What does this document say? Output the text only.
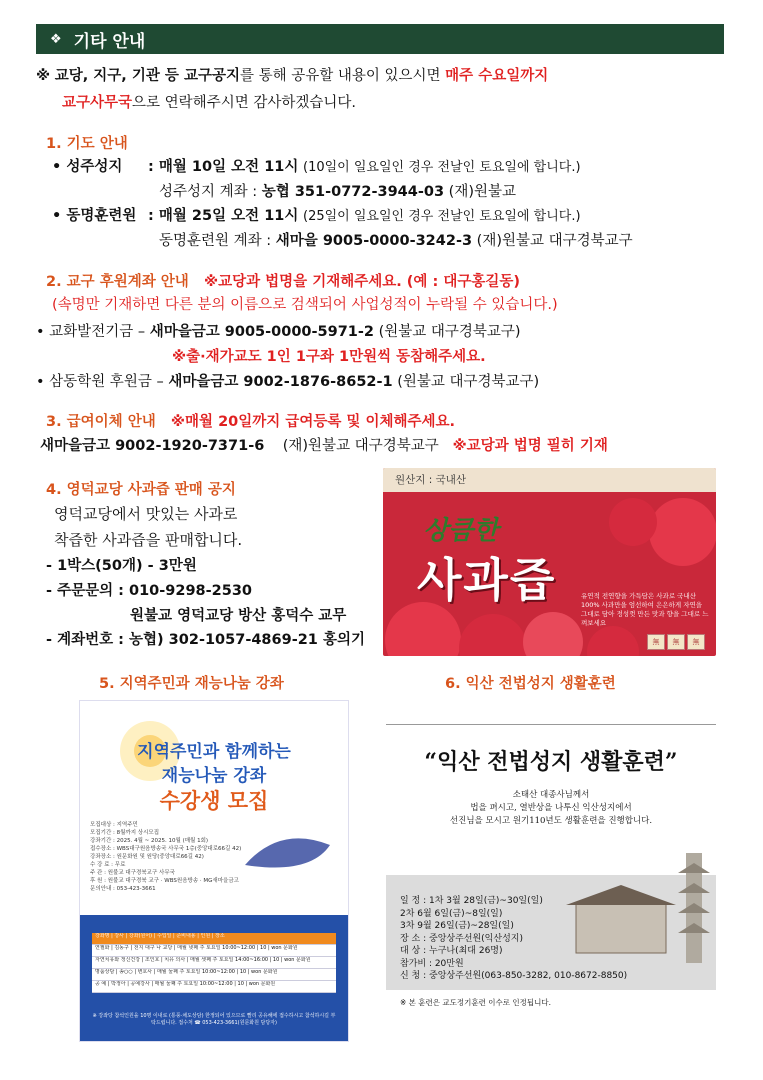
❖ 기타 안내
※ 교당, 지구, 기관 등 교구공지를 통해 공유할 내용이 있으시면 매주 수요일까지
교구사무국으로 연락해주시면 감사하겠습니다.
1. 기도 안내
• 성주성지 : 매월 10일 오전 11시 (10일이 일요일인 경우 전날인 토요일에 합니다.)
성주성지 계좌 : 농협 351-0772-3944-03 (재)원불교
• 동명훈련원 : 매월 25일 오전 11시 (25일이 일요일인 경우 전날인 토요일에 합니다.)
동명훈련원 계좌 : 새마을 9005-0000-3242-3 (재)원불교 대구경북교구
2. 교구 후원계좌 안내 ※교당과 법명을 기재해주세요. (예 : 대구홍길동)
(속명만 기재하면 다른 분의 이름으로 검색되어 사업성적이 누락될 수 있습니다.)
• 교화발전기금 – 새마을금고 9005-0000-5971-2 (원불교 대구경북교구)
※출·재가교도 1인 1구좌 1만원씩 동참해주세요.
• 삼동학원 후원금 – 새마을금고 9002-1876-8652-1 (원불교 대구경북교구)
3. 급여이체 안내 ※매월 20일까지 급여등록 및 이체해주세요.
새마을금고 9002-1920-7371-6 (재)원불교 대구경북교구 ※교당과 법명 필히 기재
4. 영덕교당 사과즙 판매 공지
영덕교당에서 맛있는 사과로
착즙한 사과즙을 판매합니다.
- 1박스(50개) - 3만원
- 주문문의 : 010-9298-2530
원불교 영덕교당 방산 홍덕수 교무
- 계좌번호 : 농협) 302-1057-4869-21 홍의기
원산지 : 국내산
상큼한
사과즙	유연적 전연향을 가득담은 사과로 국내산100% 사과만을 엄선하여 은은하게 자연을 그대로 담아 정성껏 만든 맛과 향을 그대로 느껴보세요
無	無	無
5. 지역주민과 재능나눔 강좌	6. 익산 전법성지 생활훈련
지역주민과 함께하는
재능나눔 강좌
수강생 모집
모집대상 : 지역주민
모집기간 : 8월까지 상시모집
강좌기간 : 2025. 4월 ~ 2025. 10월 (매월 1회)
접수장소 : WBS대구원음방송국 사무국 1층(중앙대로66길 42)
강좌장소 : 원문화원 및 원당(중앙대로66길 42)
수 강 료 : 무료
주 관 : 원불교 대구경북교구 사무국
후 원 : 원불교 대구경북 교구 · WBS원음방송 · MG새마을금고
문의안내 : 053-423-3661
강좌명 | 강사 | 강좌(원어) | 수업일 | 준비내용 | 인원 | 장소
연필화 | 김동구 | 전지 대구 나 교당 | 매월 넷째 주 토요일 10:00~12:00 | 10 | won 문화원
자연치유와 정신건강 | 조인호 | 치유 의사 | 매월 셋째 주 토요일 14:00~16:00 | 10 | won 문화원
명품상담 | 송○○ | 변호사 | 매월 둘째 주 토요일 10:00~12:00 | 10 | won 문화원
공 예 | 박정아 | 공예강사 | 매월 둘째 주 토요일 10:00~12:00 | 10 | won 문화원
※ 강좌당 참석인원을 10명 이내로 (통풍·채도상담) 한정되어 있으므로 빨리 공유해에 접수하시고 참석하시길 부탁드립니다. 접수처 ☎ 053-423-3661(원문화원 담당자)
“익산 전법성지 생활훈련”
소태산 대종사님께서
법을 펴시고, 열반상을 나투신 익산성지에서
선진님을 모시고 원기110년도 생활훈련을 진행합니다.
일 정 : 1차 3월 28일(금)~30일(일)
2차 6월 6일(금)~8일(일)
3차 9월 26일(금)~28일(일)
장 소 : 중앙상주선원(익산성지)
대 상 : 누구나(최대 26명)
참가비 : 20만원
신 청 : 중앙상주선원(063-850-3282, 010-8672-8850)
※ 본 훈련은 교도정기훈련 이수로 인정됩니다.
